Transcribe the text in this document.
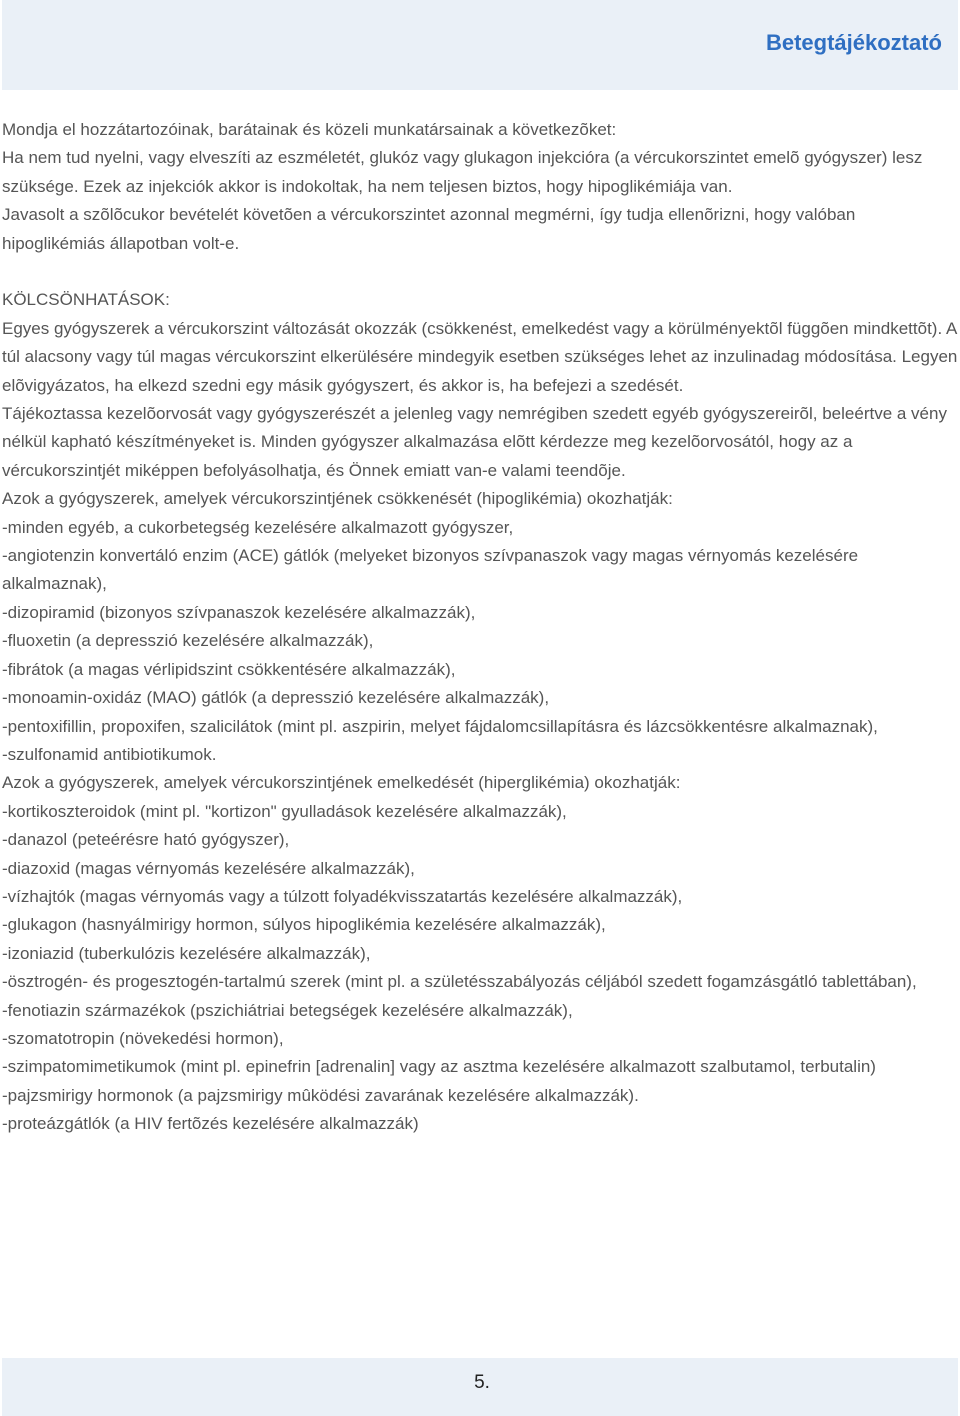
Betegtájékoztató

Mondja el hozzátartozóinak, barátainak és közeli munkatársainak a következõket:

Ha nem tud nyelni, vagy elveszíti az eszméletét, glukóz vagy glukagon injekcióra (a vércukorszintet emelõ gyógyszer) lesz szüksége. Ezek az injekciók akkor is indokoltak, ha nem teljesen biztos, hogy hipoglikémiája van.

Javasolt a szõlõcukor bevételét követõen a vércukorszintet azonnal megmérni, így tudja ellenõrizni, hogy valóban hipoglikémiás állapotban volt-e.

KÖLCSÖNHATÁSOK:

Egyes gyógyszerek a vércukorszint változását okozzák (csökkenést, emelkedést vagy a körülményektõl függõen mindkettõt). A túl alacsony vagy túl magas vércukorszint elkerülésére mindegyik esetben szükséges lehet az inzulinadag módosítása. Legyen elõvigyázatos, ha elkezd szedni egy másik gyógyszert, és akkor is, ha befejezi a szedését.

Tájékoztassa kezelõorvosát vagy gyógyszerészét a jelenleg vagy nemrégiben szedett egyéb gyógyszereirõl, beleértve a vény nélkül kapható készítményeket is. Minden gyógyszer alkalmazása elõtt kérdezze meg kezelõorvosától, hogy az a vércukorszintjét miképpen befolyásolhatja, és Önnek emiatt van-e valami teendõje.

Azok a gyógyszerek, amelyek vércukorszintjének csökkenését (hipoglikémia) okozhatják:

-minden egyéb, a cukorbetegség kezelésére alkalmazott gyógyszer,

-angiotenzin konvertáló enzim (ACE) gátlók (melyeket bizonyos szívpanaszok vagy magas vérnyomás kezelésére alkalmaznak),

-dizopiramid (bizonyos szívpanaszok kezelésére alkalmazzák),

-fluoxetin (a depresszió kezelésére alkalmazzák),

-fibrátok (a magas vérlipidszint csökkentésére alkalmazzák),

-monoamin-oxidáz (MAO) gátlók (a depresszió kezelésére alkalmazzák),

-pentoxifillin, propoxifen, szalicilátok (mint pl. aszpirin, melyet fájdalomcsillapításra és lázcsökkentésre alkalmaznak),

-szulfonamid antibiotikumok.

Azok a gyógyszerek, amelyek vércukorszintjének emelkedését (hiperglikémia) okozhatják:

-kortikoszteroidok (mint pl. "kortizon" gyulladások kezelésére alkalmazzák),

-danazol (peteérésre ható gyógyszer),

-diazoxid (magas vérnyomás kezelésére alkalmazzák),

-vízhajtók (magas vérnyomás vagy a túlzott folyadékvisszatartás kezelésére alkalmazzák),

-glukagon (hasnyálmirigy hormon, súlyos hipoglikémia kezelésére alkalmazzák),

-izoniazid (tuberkulózis kezelésére alkalmazzák),

-ösztrogén- és progesztogén-tartalmú szerek (mint pl. a születésszabályozás céljából szedett fogamzásgátló tablettában),

-fenotiazin származékok (pszichiátriai betegségek kezelésére alkalmazzák),

-szomatotropin (növekedési hormon),

-szimpatomimetikumok (mint pl. epinefrin [adrenalin] vagy az asztma kezelésére alkalmazott szalbutamol, terbutalin)

-pajzsmirigy hormonok (a pajzsmirigy mûködési zavarának kezelésére alkalmazzák).

-proteázgátlók (a HIV fertõzés kezelésére alkalmazzák)

5.
